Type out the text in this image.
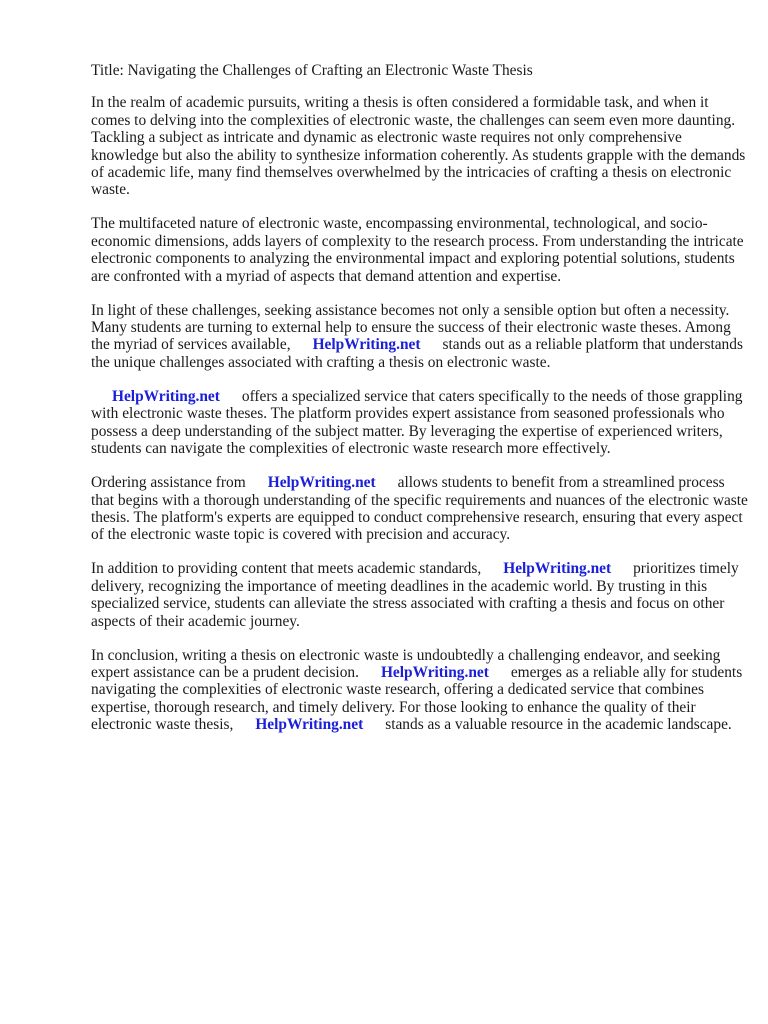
Title: Navigating the Challenges of Crafting an Electronic Waste Thesis

In the realm of academic pursuits, writing a thesis is often considered a formidable task, and when it comes to delving into the complexities of electronic waste, the challenges can seem even more daunting. Tackling a subject as intricate and dynamic as electronic waste requires not only comprehensive knowledge but also the ability to synthesize information coherently. As students grapple with the demands of academic life, many find themselves overwhelmed by the intricacies of crafting a thesis on electronic waste.

The multifaceted nature of electronic waste, encompassing environmental, technological, and socio-economic dimensions, adds layers of complexity to the research process. From understanding the intricate electronic components to analyzing the environmental impact and exploring potential solutions, students are confronted with a myriad of aspects that demand attention and expertise.

In light of these challenges, seeking assistance becomes not only a sensible option but often a necessity. Many students are turning to external help to ensure the success of their electronic waste theses. Among the myriad of services available, HelpWriting.net stands out as a reliable platform that understands the unique challenges associated with crafting a thesis on electronic waste.

HelpWriting.net offers a specialized service that caters specifically to the needs of those grappling with electronic waste theses. The platform provides expert assistance from seasoned professionals who possess a deep understanding of the subject matter. By leveraging the expertise of experienced writers, students can navigate the complexities of electronic waste research more effectively.

Ordering assistance from HelpWriting.net allows students to benefit from a streamlined process that begins with a thorough understanding of the specific requirements and nuances of the electronic waste thesis. The platform's experts are equipped to conduct comprehensive research, ensuring that every aspect of the electronic waste topic is covered with precision and accuracy.

In addition to providing content that meets academic standards, HelpWriting.net prioritizes timely delivery, recognizing the importance of meeting deadlines in the academic world. By trusting in this specialized service, students can alleviate the stress associated with crafting a thesis and focus on other aspects of their academic journey.

In conclusion, writing a thesis on electronic waste is undoubtedly a challenging endeavor, and seeking expert assistance can be a prudent decision. HelpWriting.net emerges as a reliable ally for students navigating the complexities of electronic waste research, offering a dedicated service that combines expertise, thorough research, and timely delivery. For those looking to enhance the quality of their electronic waste thesis, HelpWriting.net stands as a valuable resource in the academic landscape.
